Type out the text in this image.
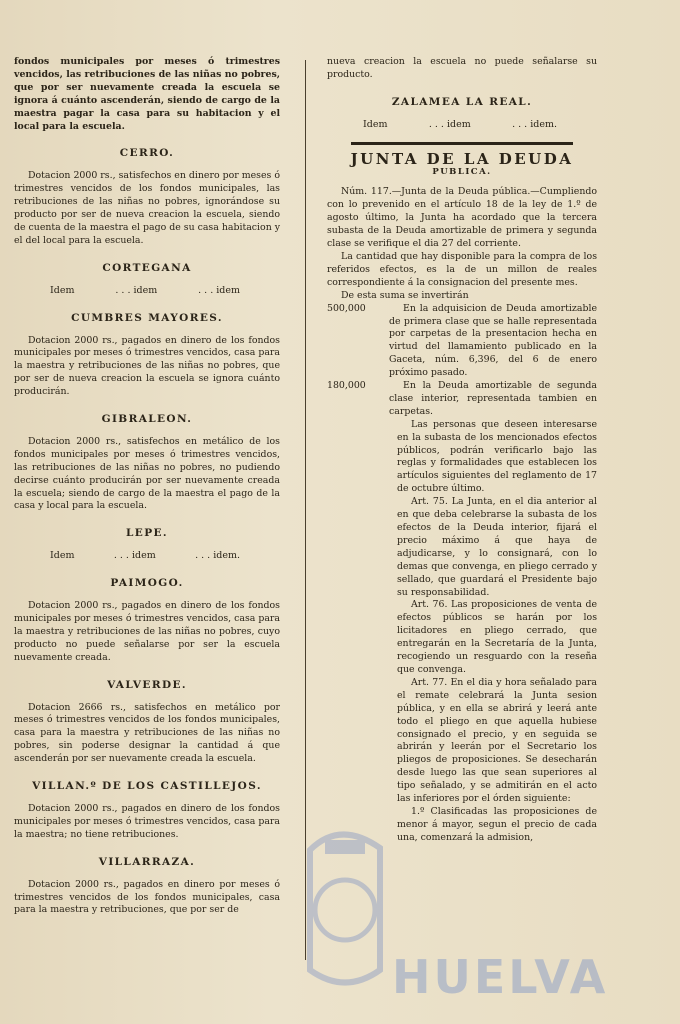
fondos municipales por meses ó trimestres vencidos, las retribuciones de las niñas no pobres, que por ser nuevamente creada la escuela se ignora á cuánto ascenderán, siendo de cargo de la maestra pagar la casa para su habitacion y el local para la escuela.

CERRO.

Dotacion 2000 rs., satisfechos en dinero por meses ó trimestres vencidos de los fondos municipales, las retribuciones de las niñas no pobres, ignorándose su producto por ser de nueva creacion la escuela, siendo de cuenta de la maestra el pago de su casa habitacion y el del local para la escuela.

CORTEGANA
Idem	. . . idem	. . . idem
CUMBRES MAYORES.

Dotacion 2000 rs., pagados en dinero de los fondos municipales por meses ó trimestres vencidos, casa para la maestra y retribuciones de las niñas no pobres, que por ser de nueva creacion la escuela se ignora cuánto producirán.

GIBRALEON.

Dotacion 2000 rs., satisfechos en metálico de los fondos municipales por meses ó trimestres vencidos, las retribuciones de las niñas no pobres, no pudiendo decirse cuánto producirán por ser nuevamente creada la escuela; siendo de cargo de la maestra el pago de la casa y local para la escuela.

LEPE.
Idem	. . . idem	. . . idem.
PAIMOGO.

Dotacion 2000 rs., pagados en dinero de los fondos municipales por meses ó trimestres vencidos, casa para la maestra y retribuciones de las niñas no pobres, cuyo producto no puede señalarse por ser la escuela nuevamente creada.

VALVERDE.

Dotacion 2666 rs., satisfechos en metálico por meses ó trimestres vencidos de los fondos municipales, casa para la maestra y retribuciones de las niñas no pobres, sin poderse designar la cantidad á que ascenderán por ser nuevamente creada la escuela.

VILLAN.º DE LOS CASTILLEJOS.

Dotacion 2000 rs., pagados en dinero de los fondos municipales por meses ó trimestres vencidos, casa para la maestra; no tiene retribuciones.

VILLARRAZA.

Dotacion 2000 rs., pagados en dinero por meses ó trimestres vencidos de los fondos municipales, casa para la maestra y retribuciones, que por ser de

nueva creacion la escuela no puede señalarse su producto.

ZALAMEA LA REAL.
Idem	. . . idem	. . . idem.
JUNTA DE LA DEUDA
PUBLICA.

Núm. 117.—Junta de la Deuda pública.—Cumpliendo con lo prevenido en el artículo 18 de la ley de 1.º de agosto último, la Junta ha acordado que la tercera subasta de la Deuda amortizable de primera y segunda clase se verifique el dia 27 del corriente.

La cantidad que hay disponible para la compra de los referidos efectos, es la de un millon de reales correspondiente á la consignacion del presente mes.

De esta suma se invertirán

500,000	En la adquisicion de Deuda amortizable de primera clase que se halle representada por carpetas de la presentacion hecha en virtud del llamamiento publicado en la Gaceta, núm. 6,396, del 6 de enero próximo pasado.
180,000	En la Deuda amortizable de segunda clase interior, representada tambien en carpetas.

Las personas que deseen interesarse en la subasta de los mencionados efectos públicos, podrán verificarlo bajo las reglas y formalidades que establecen los artículos siguientes del reglamento de 17 de octubre último.

Art. 75. La Junta, en el dia anterior al en que deba celebrarse la subasta de los efectos de la Deuda interior, fijará el precio máximo á que haya de adjudicarse, y lo consignará, con lo demas que convenga, en pliego cerrado y sellado, que guardará el Presidente bajo su responsabilidad.

Art. 76. Las proposiciones de venta de efectos públicos se harán por los licitadores en pliego cerrado, que entregarán en la Secretaría de la Junta, recogiendo un resguardo con la reseña que convenga.

Art. 77. En el dia y hora señalado para el remate celebrará la Junta sesion pública, y en ella se abrirá y leerá ante todo el pliego en que aquella hubiese consignado el precio, y en seguida se abrirán y leerán por el Secretario los pliegos de proposiciones. Se desecharán desde luego las que sean superiores al tipo señalado, y se admitirán en el acto las inferiores por el órden siguiente:

1.º Clasificadas las proposiciones de menor á mayor, segun el precio de cada una, comenzará la admision,

HUELVA
